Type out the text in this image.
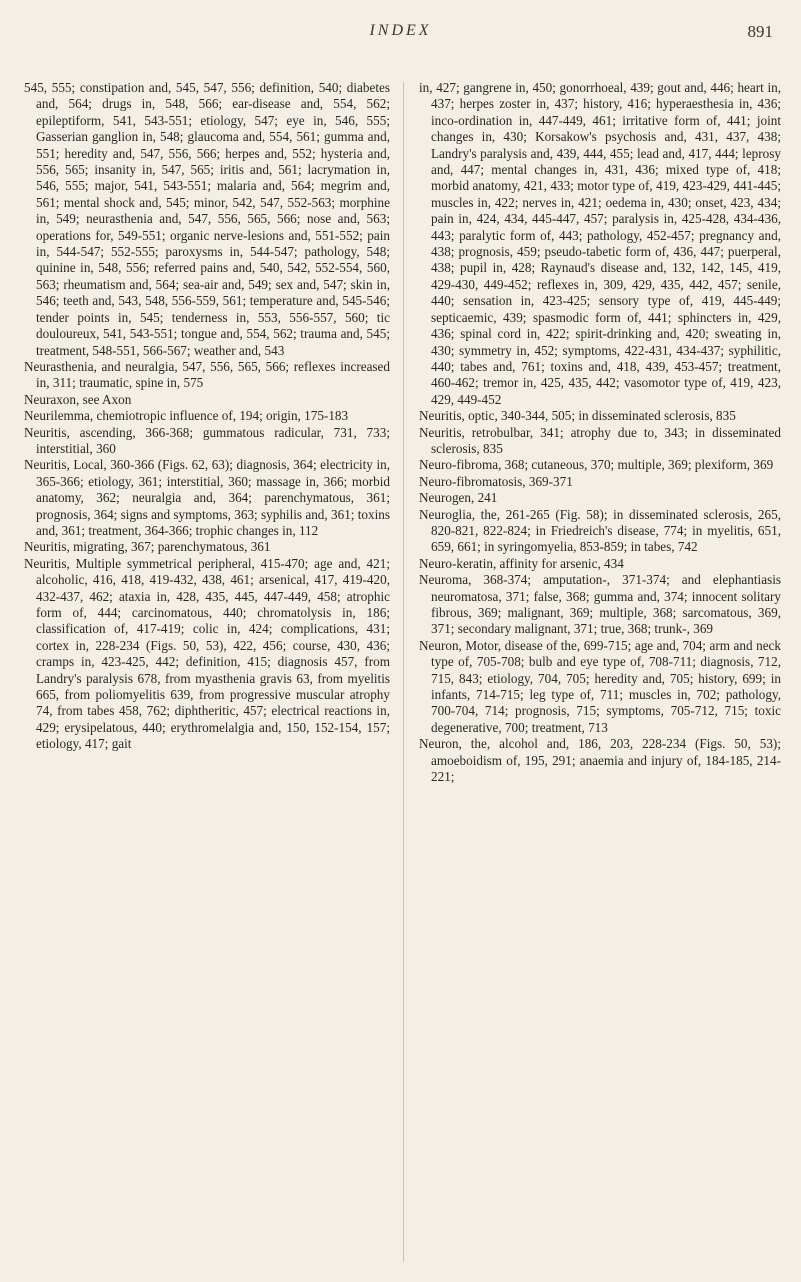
INDEX	891

545, 555; constipation and, 545, 547, 556; definition, 540; diabetes and, 564; drugs in, 548, 566; ear-disease and, 554, 562; epileptiform, 541, 543-551; etiology, 547; eye in, 546, 555; Gasserian ganglion in, 548; glaucoma and, 554, 561; gumma and, 551; heredity and, 547, 556, 566; herpes and, 552; hysteria and, 556, 565; insanity in, 547, 565; iritis and, 561; lacrymation in, 546, 555; major, 541, 543-551; malaria and, 564; megrim and, 561; mental shock and, 545; minor, 542, 547, 552-563; morphine in, 549; neurasthenia and, 547, 556, 565, 566; nose and, 563; operations for, 549-551; organic nerve-lesions and, 551-552; pain in, 544-547; 552-555; paroxysms in, 544-547; pathology, 548; quinine in, 548, 556; referred pains and, 540, 542, 552-554, 560, 563; rheumatism and, 564; sea-air and, 549; sex and, 547; skin in, 546; teeth and, 543, 548, 556-559, 561; temperature and, 545-546; tender points in, 545; tenderness in, 553, 556-557, 560; tic douloureux, 541, 543-551; tongue and, 554, 562; trauma and, 545; treatment, 548-551, 566-567; weather and, 543

Neurasthenia, and neuralgia, 547, 556, 565, 566; reflexes increased in, 311; traumatic, spine in, 575

Neuraxon, see Axon

Neurilemma, chemiotropic influence of, 194; origin, 175-183

Neuritis, ascending, 366-368; gummatous radicular, 731, 733; interstitial, 360

Neuritis, Local, 360-366 (Figs. 62, 63); diagnosis, 364; electricity in, 365-366; etiology, 361; interstitial, 360; massage in, 366; morbid anatomy, 362; neuralgia and, 364; parenchymatous, 361; prognosis, 364; signs and symptoms, 363; syphilis and, 361; toxins and, 361; treatment, 364-366; trophic changes in, 112

Neuritis, migrating, 367; parenchymatous, 361

Neuritis, Multiple symmetrical peripheral, 415-470; age and, 421; alcoholic, 416, 418, 419-432, 438, 461; arsenical, 417, 419-420, 432-437, 462; ataxia in, 428, 435, 445, 447-449, 458; atrophic form of, 444; carcinomatous, 440; chromatolysis in, 186; classification of, 417-419; colic in, 424; complications, 431; cortex in, 228-234 (Figs. 50, 53), 422, 456; course, 430, 436; cramps in, 423-425, 442; definition, 415; diagnosis 457, from Landry's paralysis 678, from myasthenia gravis 63, from myelitis 665, from poliomyelitis 639, from progressive muscular atrophy 74, from tabes 458, 762; diphtheritic, 457; electrical reactions in, 429; erysipelatous, 440; erythromelalgia and, 150, 152-154, 157; etiology, 417; gait

in, 427; gangrene in, 450; gonorrhoeal, 439; gout and, 446; heart in, 437; herpes zoster in, 437; history, 416; hyperaesthesia in, 436; inco-ordination in, 447-449, 461; irritative form of, 441; joint changes in, 430; Korsakow's psychosis and, 431, 437, 438; Landry's paralysis and, 439, 444, 455; lead and, 417, 444; leprosy and, 447; mental changes in, 431, 436; mixed type of, 418; morbid anatomy, 421, 433; motor type of, 419, 423-429, 441-445; muscles in, 422; nerves in, 421; oedema in, 430; onset, 423, 434; pain in, 424, 434, 445-447, 457; paralysis in, 425-428, 434-436, 443; paralytic form of, 443; pathology, 452-457; pregnancy and, 438; prognosis, 459; pseudo-tabetic form of, 436, 447; puerperal, 438; pupil in, 428; Raynaud's disease and, 132, 142, 145, 419, 429-430, 449-452; reflexes in, 309, 429, 435, 442, 457; senile, 440; sensation in, 423-425; sensory type of, 419, 445-449; septicaemic, 439; spasmodic form of, 441; sphincters in, 429, 436; spinal cord in, 422; spirit-drinking and, 420; sweating in, 430; symmetry in, 452; symptoms, 422-431, 434-437; syphilitic, 440; tabes and, 761; toxins and, 418, 439, 453-457; treatment, 460-462; tremor in, 425, 435, 442; vasomotor type of, 419, 423, 429, 449-452

Neuritis, optic, 340-344, 505; in disseminated sclerosis, 835

Neuritis, retrobulbar, 341; atrophy due to, 343; in disseminated sclerosis, 835

Neuro-fibroma, 368; cutaneous, 370; multiple, 369; plexiform, 369

Neuro-fibromatosis, 369-371

Neurogen, 241

Neuroglia, the, 261-265 (Fig. 58); in disseminated sclerosis, 265, 820-821, 822-824; in Friedreich's disease, 774; in myelitis, 651, 659, 661; in syringomyelia, 853-859; in tabes, 742

Neuro-keratin, affinity for arsenic, 434

Neuroma, 368-374; amputation-, 371-374; and elephantiasis neuromatosa, 371; false, 368; gumma and, 374; innocent solitary fibrous, 369; malignant, 369; multiple, 368; sarcomatous, 369, 371; secondary malignant, 371; true, 368; trunk-, 369

Neuron, Motor, disease of the, 699-715; age and, 704; arm and neck type of, 705-708; bulb and eye type of, 708-711; diagnosis, 712, 715, 843; etiology, 704, 705; heredity and, 705; history, 699; in infants, 714-715; leg type of, 711; muscles in, 702; pathology, 700-704, 714; prognosis, 715; symptoms, 705-712, 715; toxic degenerative, 700; treatment, 713

Neuron, the, alcohol and, 186, 203, 228-234 (Figs. 50, 53); amoeboidism of, 195, 291; anaemia and injury of, 184-185, 214-221;
